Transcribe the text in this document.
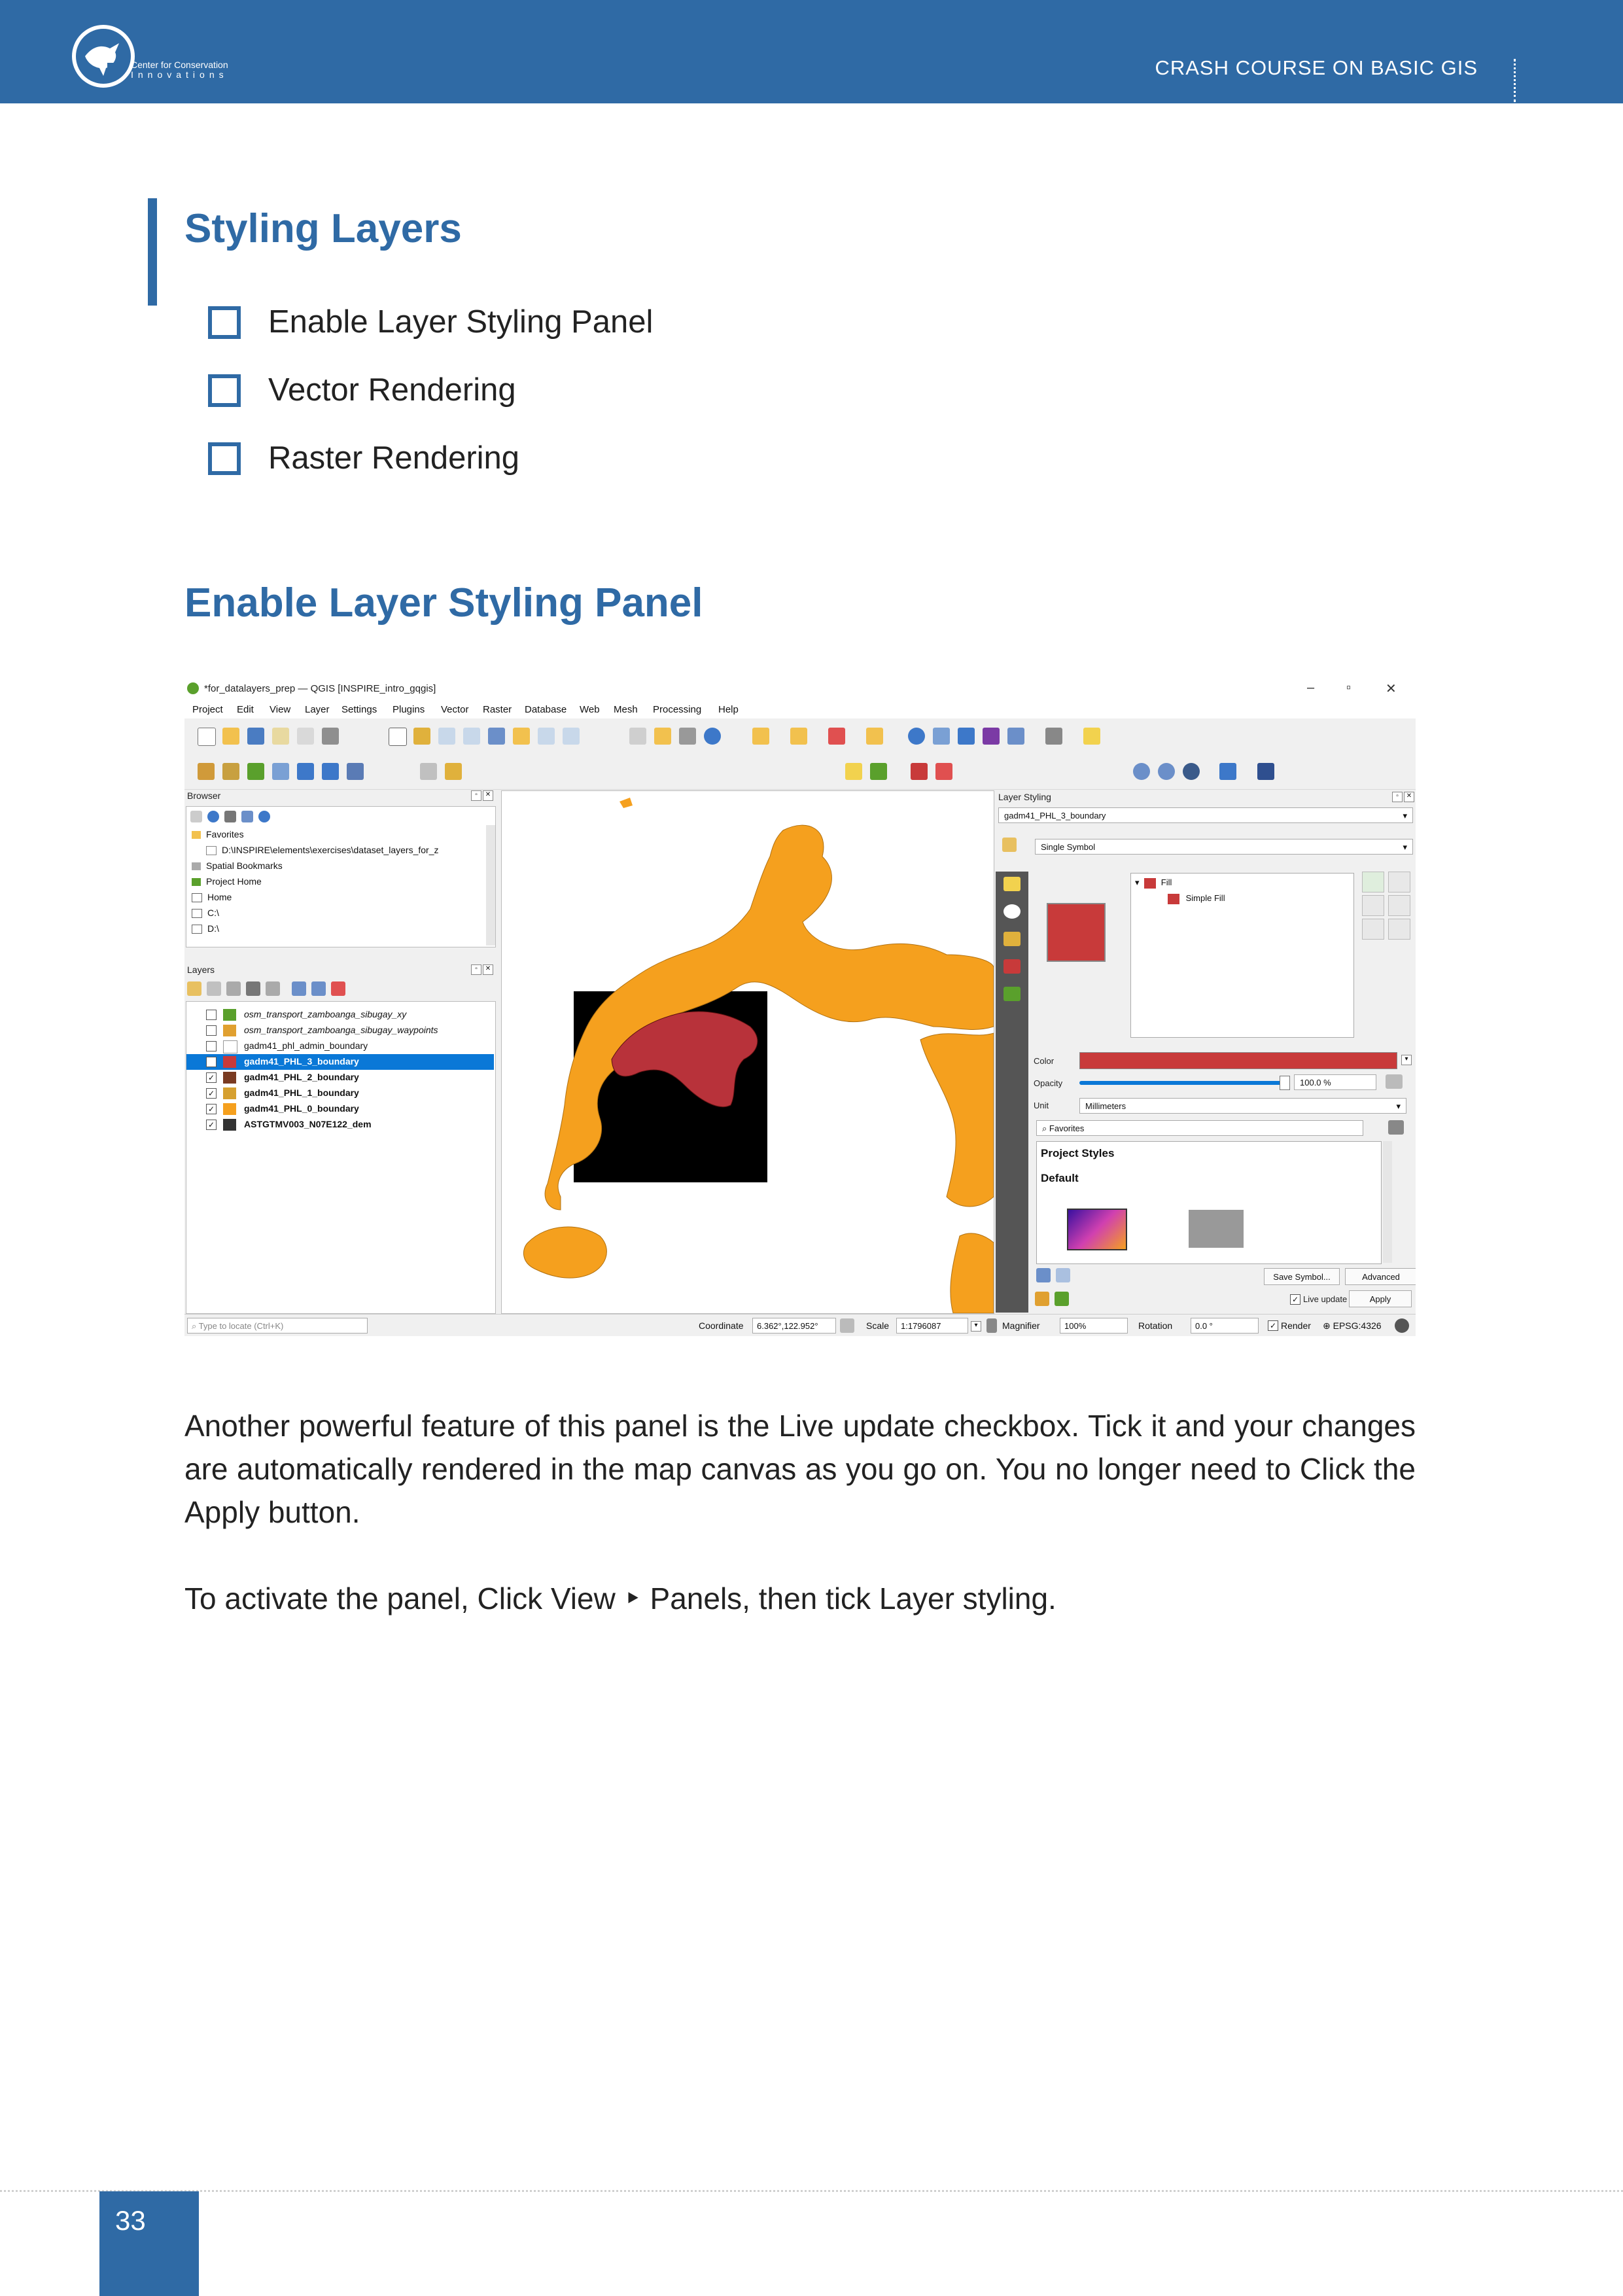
Center for Conservation
Innovations	CRASH COURSE ON BASIC GIS
Styling Layers
Enable Layer Styling Panel
Vector Rendering
Raster Rendering
Enable Layer Styling Panel
*for_datalayers_prep — QGIS [INSPIRE_intro_gqgis]	– ▫	✕
Project Edit View Layer Settings Plugins Vector Raster Database Web Mesh Processing Help
Browser	▫	✕
Favorites
D:\INSPIRE\elements\exercises\dataset_layers_for_z
Spatial Bookmarks
Project Home
Home
C:\
D:\
Layers	▫	✕
osm_transport_zamboanga_sibugay_xy
osm_transport_zamboanga_sibugay_waypoints
gadm41_phl_admin_boundary
✓	gadm41_PHL_3_boundary
✓	gadm41_PHL_2_boundary
✓	gadm41_PHL_1_boundary
✓	gadm41_PHL_0_boundary
✓	ASTGTMV003_N07E122_dem
Layer Styling	▫	✕
gadm41_PHL_3_boundary	▾
Single Symbol	▾
▾	Fill
Simple Fill
Color	▾
Opacity	100.0 %
Unit	Millimeters	▾
⌕ Favorites
Project Styles
Default
Save Symbol...	Advanced
✓ Live update	Apply
⌕ Type to locate (Ctrl+K)	Coordinate	6.362°,122.952°	Scale	1:1796087	▾	Magnifier	100%	Rotation	0.0 °	✓ Render ⊕ EPSG:4326

Another powerful feature of this panel is the Live update checkbox. Tick it and your changes are automatically rendered in the map canvas as you go on. You no longer need to Click the Apply button.

To activate the panel, Click View ‣ Panels, then tick Layer styling.

33
